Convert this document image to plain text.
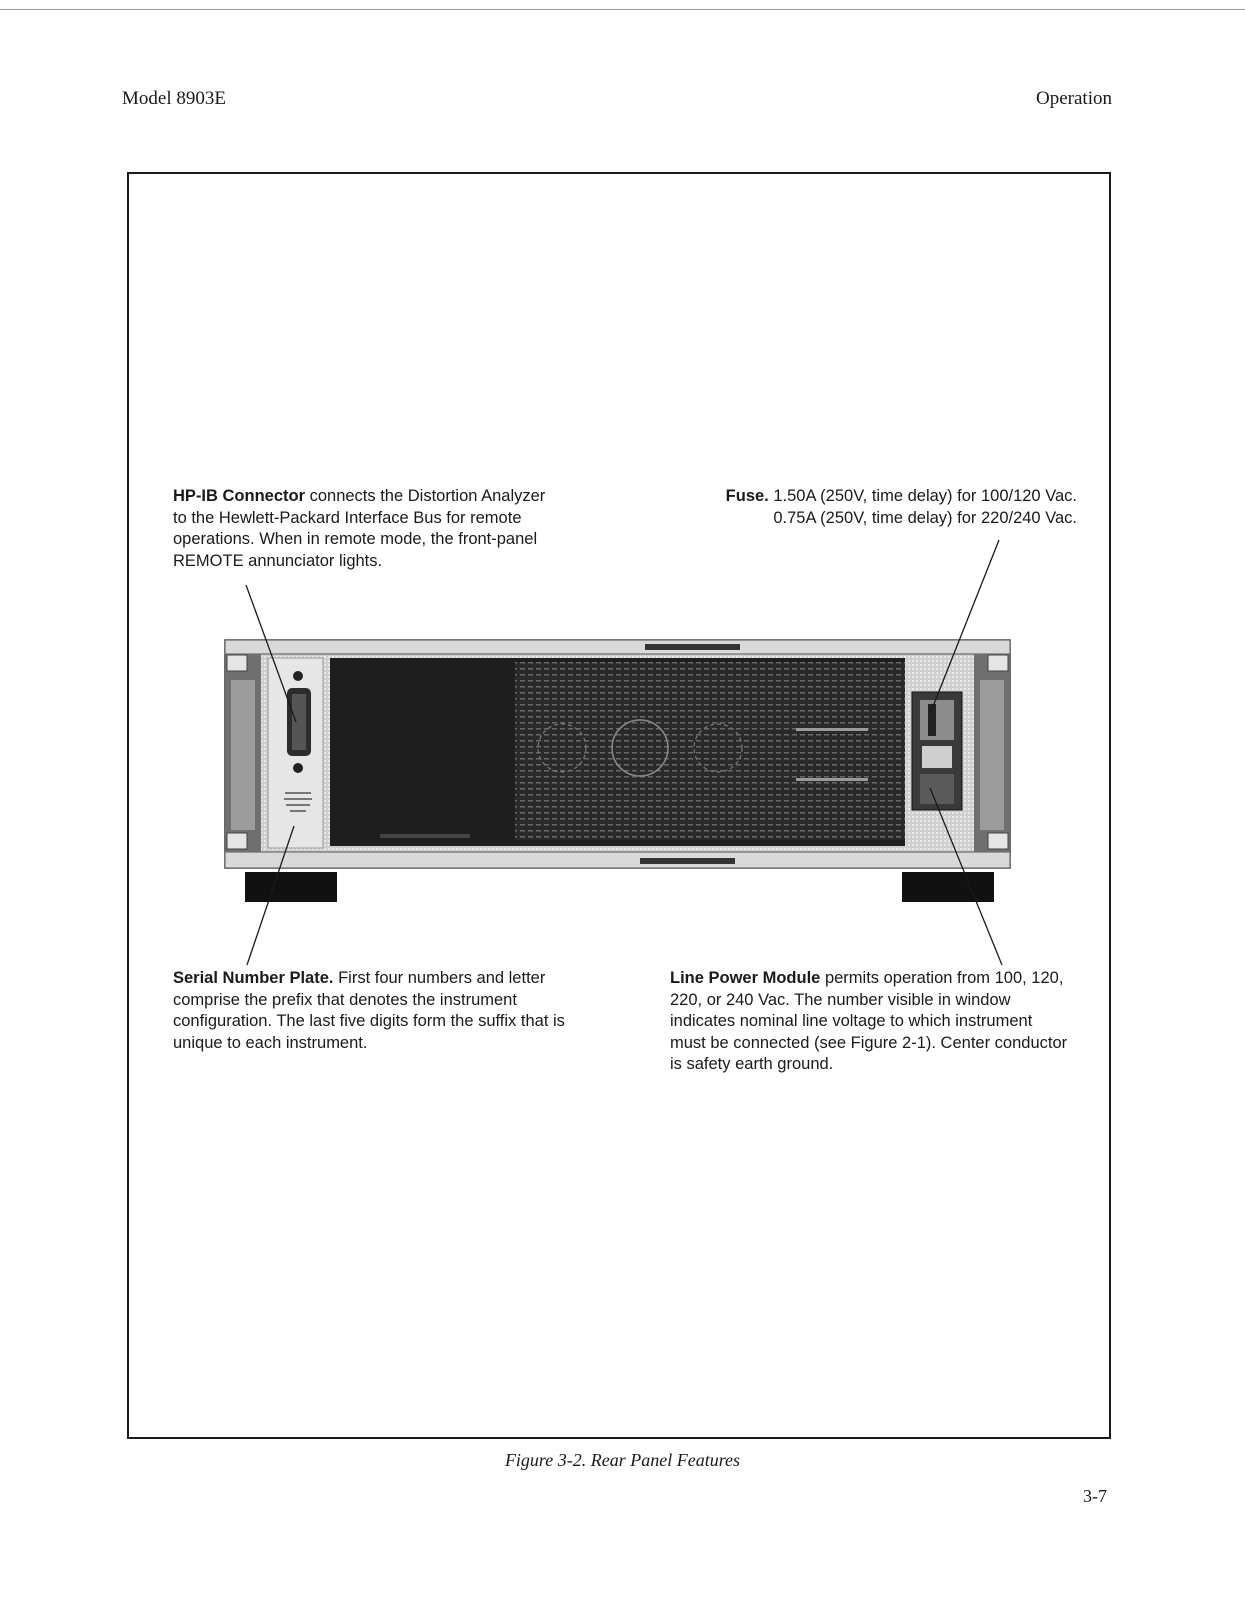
Model 8903E	Operation
HP-IB Connector connects the Distortion Analyzer to the Hewlett-Packard Interface Bus for remote operations. When in remote mode, the front-panel REMOTE annunciator lights.
Fuse. 1.50A (250V, time delay) for 100/120 Vac.
0.75A (250V, time delay) for 220/240 Vac.
Serial Number Plate. First four numbers and letter comprise the prefix that denotes the instrument configuration. The last five digits form the suffix that is unique to each instrument.
Line Power Module permits operation from 100, 120, 220, or 240 Vac. The number visible in window indicates nominal line voltage to which instrument must be connected (see Figure 2-1). Center conductor is safety earth ground.
Figure 3-2. Rear Panel Features
3-7
